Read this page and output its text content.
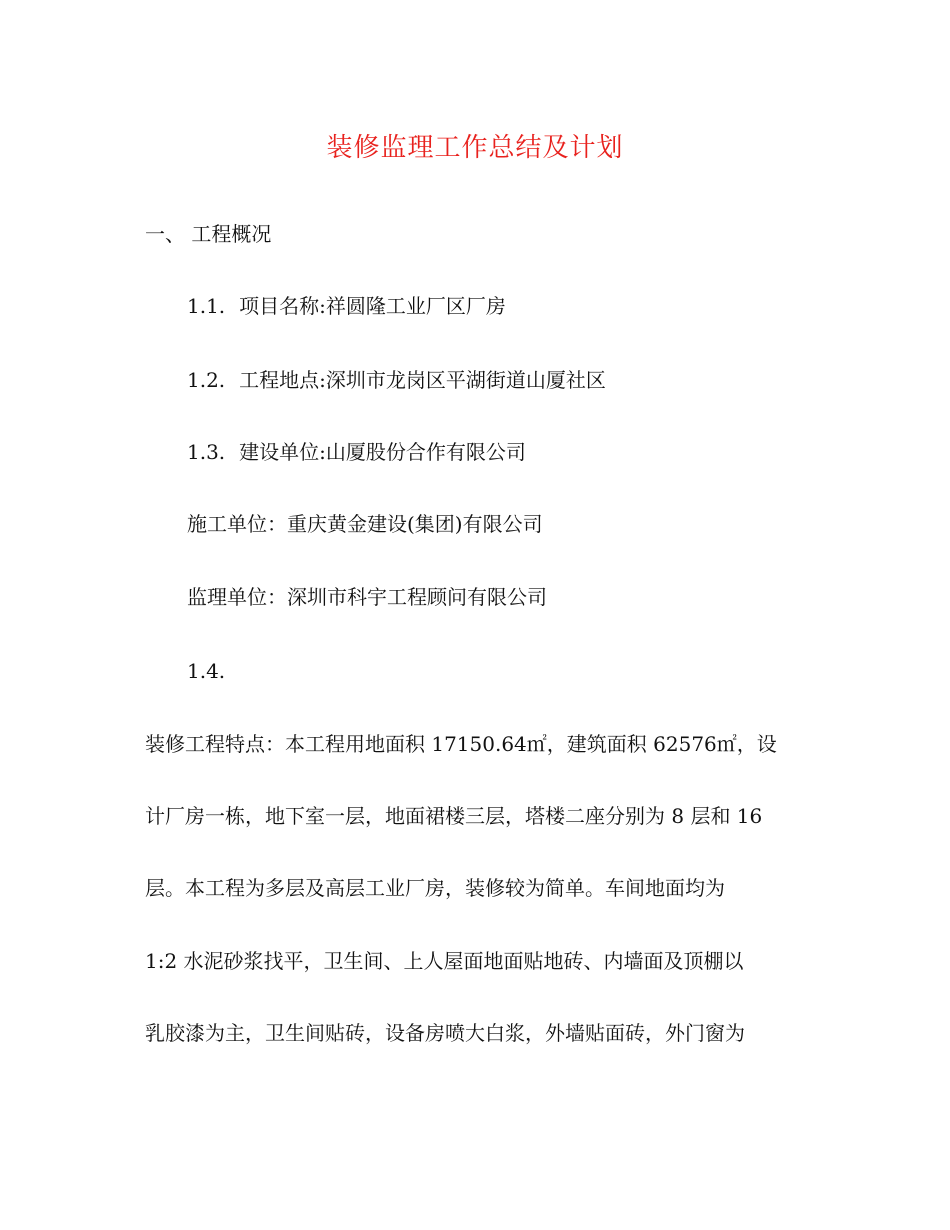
装修监理工作总结及计划
一、 工程概况
1.1. 项目名称:祥圆隆工业厂区厂房
1.2. 工程地点:深圳市龙岗区平湖街道山厦社区
1.3. 建设单位:山厦股份合作有限公司
施工单位：重庆黄金建设(集团)有限公司
监理单位：深圳市科宇工程顾问有限公司
1.4.
装修工程特点：本工程用地面积 17150.64㎡，建筑面积 62576㎡，设
计厂房一栋，地下室一层，地面裙楼三层，塔楼二座分别为 8 层和 16
层。本工程为多层及高层工业厂房，装修较为简单。车间地面均为
1:2 水泥砂浆找平，卫生间、上人屋面地面贴地砖、内墙面及顶棚以
乳胶漆为主，卫生间贴砖，设备房喷大白浆，外墙贴面砖，外门窗为
